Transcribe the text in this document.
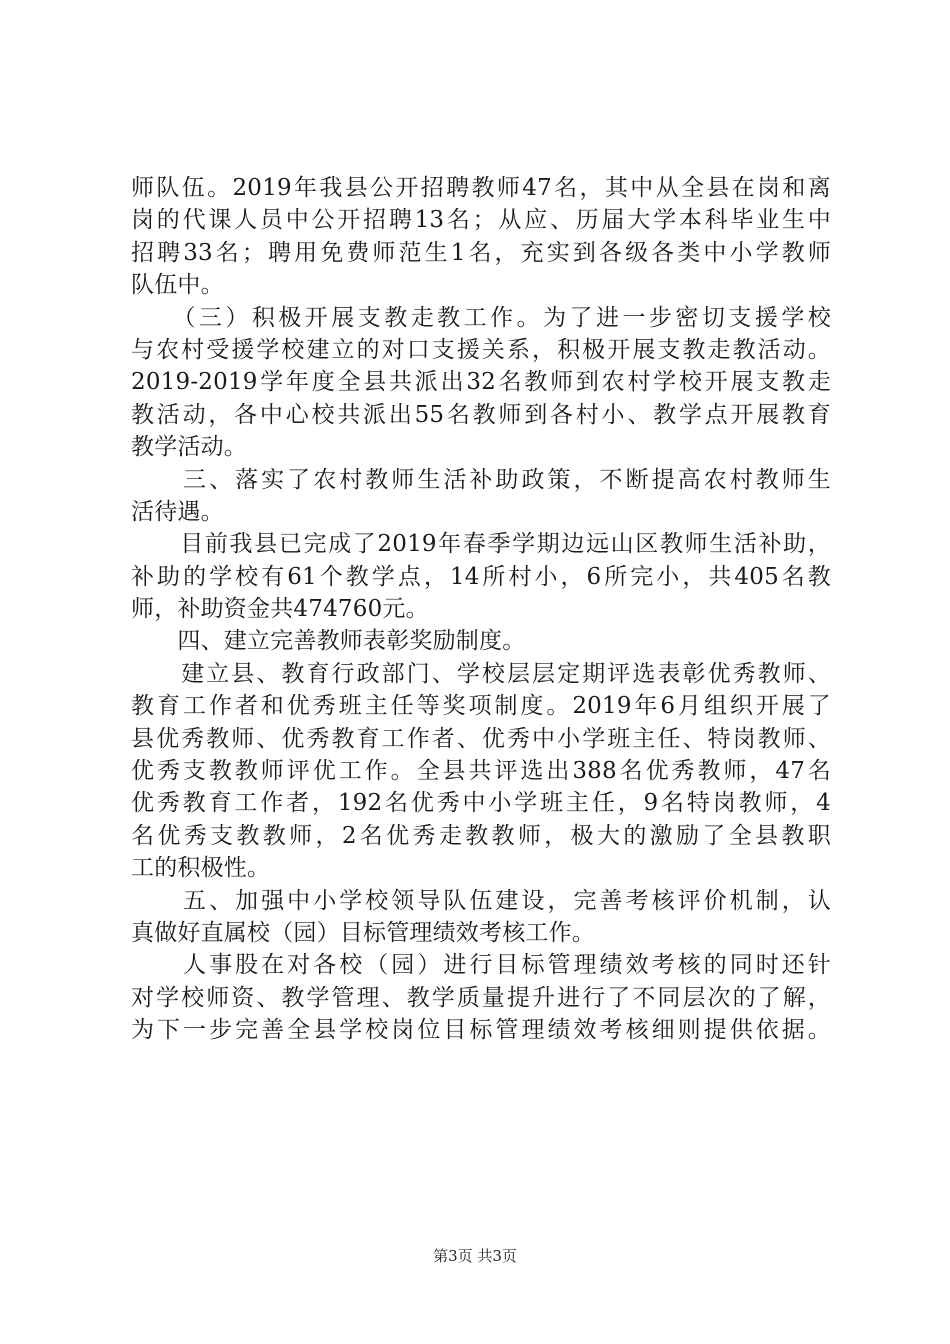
师队伍。2019年我县公开招聘教师47名，其中从全县在岗和离
岗的代课人员中公开招聘13名；从应、历届大学本科毕业生中
招聘33名；聘用免费师范生1名，充实到各级各类中小学教师
队伍中。
　　（三）积极开展支教走教工作。为了进一步密切支援学校
与农村受援学校建立的对口支援关系，积极开展支教走教活动。
2019-2019学年度全县共派出32名教师到农村学校开展支教走
教活动，各中心校共派出55名教师到各村小、教学点开展教育
教学活动。
　　三、落实了农村教师生活补助政策，不断提高农村教师生
活待遇。
　　目前我县已完成了2019年春季学期边远山区教师生活补助，
补助的学校有61个教学点，14所村小，6所完小，共405名教
师，补助资金共474760元。
　　四、建立完善教师表彰奖励制度。
　　建立县、教育行政部门、学校层层定期评选表彰优秀教师、
教育工作者和优秀班主任等奖项制度。2019年6月组织开展了
县优秀教师、优秀教育工作者、优秀中小学班主任、特岗教师、
优秀支教教师评优工作。全县共评选出388名优秀教师，47名
优秀教育工作者，192名优秀中小学班主任，9名特岗教师，4
名优秀支教教师，2名优秀走教教师，极大的激励了全县教职
工的积极性。
　　五、加强中小学校领导队伍建设，完善考核评价机制，认
真做好直属校（园）目标管理绩效考核工作。
　　人事股在对各校（园）进行目标管理绩效考核的同时还针
对学校师资、教学管理、教学质量提升进行了不同层次的了解，
为下一步完善全县学校岗位目标管理绩效考核细则提供依据。
第3页 共3页
